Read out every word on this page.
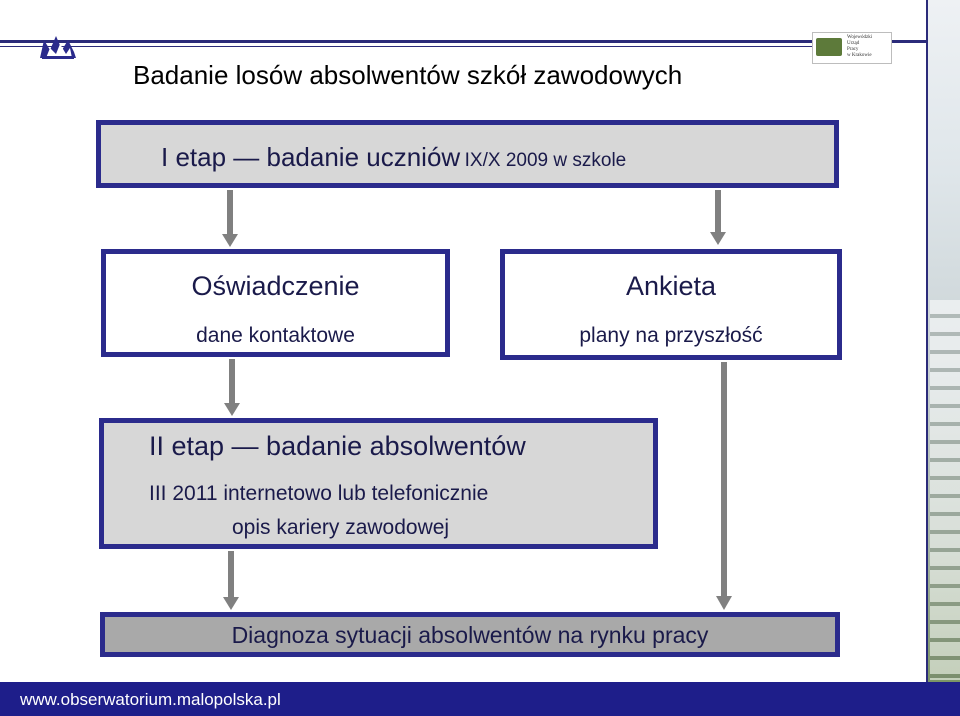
Wojewódzki
Urząd
Pracy
w Krakowie
Badanie losów absolwentów szkół zawodowych
I etap — badanie uczniów IX/X 2009 w szkole
Oświadczenie
dane kontaktowe
Ankieta
plany na przyszłość
II etap — badanie absolwentów
III 2011 internetowo lub telefonicznie
opis kariery zawodowej
Diagnoza sytuacji absolwentów na rynku pracy
www.obserwatorium.malopolska.pl
